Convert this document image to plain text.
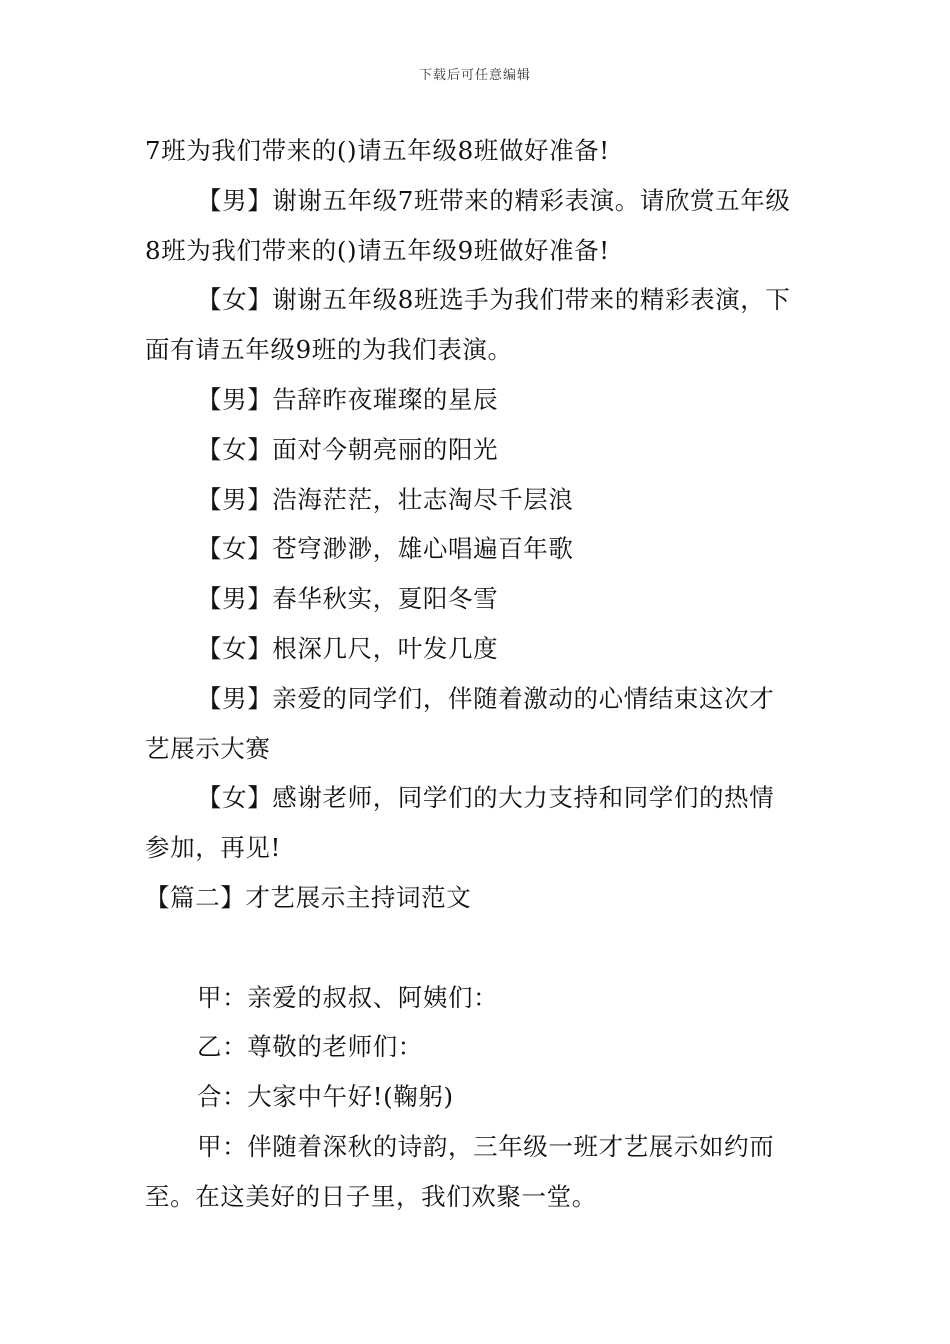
下载后可任意编辑
7班为我们带来的()请五年级8班做好准备!
【男】谢谢五年级7班带来的精彩表演。请欣赏五年级
8班为我们带来的()请五年级9班做好准备!
【女】谢谢五年级8班选手为我们带来的精彩表演，下
面有请五年级9班的为我们表演。
【男】告辞昨夜璀璨的星辰
【女】面对今朝亮丽的阳光
【男】浩海茫茫，壮志淘尽千层浪
【女】苍穹渺渺，雄心唱遍百年歌
【男】春华秋实，夏阳冬雪
【女】根深几尺，叶发几度
【男】亲爱的同学们，伴随着激动的心情结束这次才
艺展示大赛
【女】感谢老师，同学们的大力支持和同学们的热情
参加，再见!
【篇二】才艺展示主持词范文
甲：亲爱的叔叔、阿姨们：
乙：尊敬的老师们：
合：大家中午好!(鞠躬)
甲：伴随着深秋的诗韵，三年级一班才艺展示如约而
至。在这美好的日子里，我们欢聚一堂。
